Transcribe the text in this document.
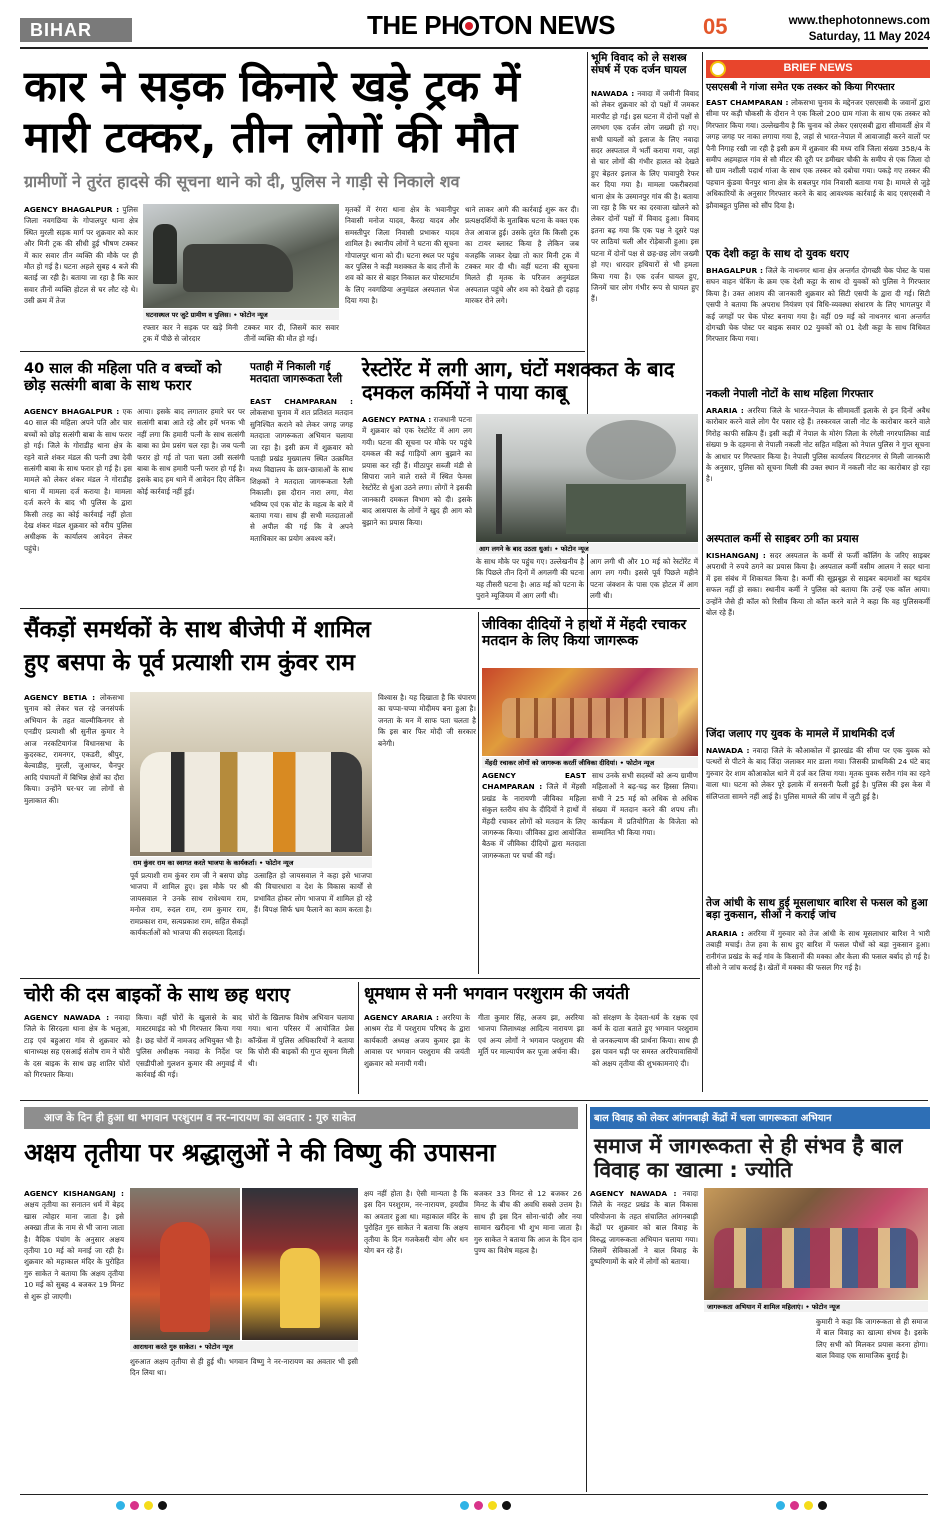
BIHAR	THE PH TON NEWS	05	www.thephotonnews.com
Saturday, 11 May 2024
कार ने सड़क किनारे खड़े ट्रक में
मारी टक्कर, तीन लोगों की मौत
ग्रामीणों ने तुरंत हादसे की सूचना थाने को दी, पुलिस ने गाड़ी से निकाले शव
AGENCY BHAGALPUR : पुलिस जिला नवगछिया के गोपालपुर थाना क्षेत्र स्थित मुरली सड़क मार्ग पर शुक्रवार को कार और मिनी ट्रक की सीधी हुई भीषण टक्कर में कार सवार तीन व्यक्ति की मौके पर ही मौत हो गई है। घटना अहले सुबह 4 बजे की बताई जा रही है। बताया जा रहा है कि कार सवार तीनों व्यक्ति होटल से घर लौट रहे थे। उसी क्रम में तेज
घटनास्थल पर जुटे ग्रामीण व पुलिस। • फोटोन न्यूज
रफ्तार कार ने सड़क पर खड़े मिनी ट्रक में पीछे से जोरदार
टक्कर मार दी, जिसमें कार सवार तीनों व्यक्ति की मौत हो गई।
मृतकों में रंगरा थाना क्षेत्र के भवानीपुर निवासी मनोज यादव, कैरदा यादव और समस्तीपुर जिला निवासी प्रभाकर यादव शामिल है। स्थानीय लोगों ने घटना की सूचना गोपालपुर थाना को दी। घटना स्थल पर पहुंच कर पुलिस ने कड़ी मशक्कत के बाद तीनों के शव को कार से बाहर निकाल कर पोस्टमार्टम के लिए नवगछिया अनुमंडल अस्पताल भेज दिया गया है।
थाने लाकर आगे की कार्रवाई शुरू कर दी। प्रत्यक्षदर्शियों के मुताबिक घटना के वक्त एक तेज आवाज हुई। उसके तुरंत कि किसी ट्रक का टायर ब्लास्ट किया है लेकिन जब वजहकि जाकर देखा तो कार मिनी ट्रक में टक्कर मार दी थी। वहीं घटना की सूचना मिलते ही मृतक के परिजन अनुमंडल अस्पताल पहुंचे और शव को देखते ही दहाड़ मारकर रोने लगे।
भूमि विवाद को ले सशस्त्र संघर्ष में एक दर्जन घायल
NAWADA : नवादा में जमीनी विवाद को लेकर शुक्रवार को दो पक्षों में जमकर मारपीट हो गई। इस घटना में दोनों पक्षों से लगभग एक दर्जन लोग जख्मी हो गए। सभी घायलों को इलाज के लिए नवादा सदर अस्पताल में भर्ती कराया गया, जहां से चार लोगों की गंभीर हालत को देखते हुए बेहतर इलाज के लिए पावापुरी रेफर कर दिया गया है। मामला पकरीबरावां थाना क्षेत्र के उस्मानपुर गांव की है। बताया जा रहा है कि घर का दरवाजा खोलने को लेकर दोनों पक्षों में विवाद हुआ। विवाद इतना बढ़ गया कि एक पक्ष ने दूसरे पक्ष पर लाठियां चली और रोड़ेबाजी हुआ। इस घटना में दोनों पक्ष से छह-छह लोग जख्मी हो गए। धारदार हथियारों से भी हमला किया गया है। एक दर्जन घायल हुए, जिनमें चार लोग गंभीर रूप से घायल हुए हैं।
BRIEF NEWS
एसएसबी ने गांजा समेत एक तस्कर को किया गिरफ्तार
EAST CHAMPARAN : लोकसभा चुनाव के मद्देनजर एसएसबी के जवानों द्वारा सीमा पर कड़ी चौकसी के दौरान ने एक किलो 200 ग्राम गांजा के साथ एक तस्कर को गिरफ्तार किया गया। उल्लेखनीय है कि चुनाव को लेकर एसएसबी द्वारा सीमावर्ती क्षेत्र में जगह जगह पर नाका लगाया गया है, जहां से भारत-नेपाल में आवाजाही करने वालों पर पैनी निगाह रखी जा रही है इसी क्रम में शुक्रवार की मध्य रात्रि जिला संख्या 358/4 के समीप अहमहाल गांव से सौ मीटर की दूरी पर डमीखर चौकी के समीप से एक जिला दो सौ ग्राम नशीली पदार्थ गांजा के साथ एक तस्कर को दबोचा गया। पकड़े गए तस्कर की पहचान कुंडवा चैनपुर थाना क्षेत्र के सबलपुर गांव निवासी बताया गया है। मामले से जुड़े अधिकारियों के अनुसार गिरफ्तार करने के बाद आवश्यक कार्रवाई के बाद एसएसबी ने झौवाबहुत पुलिस को सौंप दिया है।
एक देशी कट्टा के साथ दो युवक धराए
BHAGALPUR : जिले के नाथनगर थाना क्षेत्र अन्तर्गत दोगच्छी चेक पोस्ट के पास सघन वाहन चेकिंग के क्रम एक देशी कट्टा के साथ दो युवकों को पुलिस ने गिरफ्तार किया है। उक्त आशय की जानकारी शुक्रवार को सिटी एसपी के द्वारा दी गई। सिटी एसपी ने बताया कि अपराध नियंत्रण एवं विधि-व्यवस्था संधारण के लिए भागलपुर में कई जगहों पर चेक पोस्ट बनाया गया है। वहीं 09 मई को नाथनगर थाना अन्तर्गत दोगच्छी चेक पोस्ट पर बाइक सवार 02 युवकों को 01 देशी कट्टा के साथ विधिवत गिरफ्तार किया गया।
नकली नेपाली नोटों के साथ महिला गिरफ्तार
ARARIA : अररिया जिले के भारत-नेपाल के सीमावर्ती इलाके से इन दिनों अवैध कारोबार करने वाले लोग पैर पसार रहे हैं। तस्करवल जाली नोट के कारोबार करने वाले गिरोह काफी सक्रिय हैं। इसी कड़ी में नेपाल के मोरंग जिला के रंगेली नगरपालिका वार्ड संख्या 9 के दहमना से नेपाली नकली नोट सहित महिला को नेपाल पुलिस ने गुप्त सूचना के आधार पर गिरफ्तार किया है। नेपाली पुलिस कार्यालय विराटनगर से मिली जानकारी के अनुसार, पुलिस को सूचना मिली की उक्त स्थान में नकली नोट का कारोबार हो रहा है।
अस्पताल कर्मी से साइबर ठगी का प्रयास
KISHANGANJ : सदर अस्पताल के कर्मी से फर्जी कॉलिंग के जरिए साइबर अपराधी ने रुपये ठगने का प्रयास किया है। अस्पताल कर्मी वसीम आलम ने सदर थाना में इस संबंध में शिकायत किया है। कर्मी की सूझबूझ से साइबर बदमाशों का षड़यंत्र सफल नहीं हो सका। स्थानीय कर्मी ने पुलिस को बताया कि उन्हें एक कॉल आया। उन्होंने जैसे ही कॉल को रिसीव किया तो कॉल करने वाले ने कहा कि वह पुलिसकर्मी बोल रहे हैं।
जिंदा जलाए गए युवक के मामले में प्राथमिकी दर्ज
NAWADA : नवादा जिले के कौआकोल में झारखंड की सीमा पर एक युवक को पत्थरों से पीटने के बाद जिंदा जलाकर मार डाला गया। जिसकी प्राथमिकी 24 घंटे बाद गुरुवार देर शाम कौआकोल थाने में दर्ज कर लिया गया। मृतक युवक सरौन गांव का रहने वाला था। घटना को लेकर पूरे इलाके में सनसनी फैली हुई है। पुलिस की इस केस में संलिप्तता सामने नहीं आई है। पुलिस मामले की जांच में जुटी हुई है।
तेज आंधी के साथ हुई मूसलाधार बारिश से फसल को हुआ बड़ा नुकसान, सीओ ने कराई जांच
ARARIA : अररिया में गुरुवार को तेज आंधी के साथ मूसलाधार बारिश ने भारी तबाही मचाई। तेज हवा के साथ हुए बारिश में फसल पौधों को बड़ा नुकसान हुआ। रानीगंज प्रखंड के कई गांव के किसानों की मक्का और केला की फसल बर्बाद हो गई है। सीओ ने जांच कराई है। खेतों में मक्का की फसल गिर गई है।
40 साल की महिला पति व बच्चों को छोड़ सत्संगी बाबा के साथ फरार
AGENCY BHAGALPUR : एक 40 साल की महिला अपने पति और चार बच्चों को छोड़ सत्संगी बाबा के साथ फरार हो गई। जिले के गोराडीह थाना क्षेत्र के रहने वाले शंकर मंडल की पत्नी उषा देवी सत्संगी बाबा के साथ फरार हो गई है। इस मामले को लेकर शंकर मंडल ने गोराडीह थाना में मामला दर्ज कराया है। मामला दर्ज करने के बाद भी पुलिस के द्वारा किसी तरह का कोई कार्रवाई नहीं होता देख शंकर मंडल शुक्रवार को वरीय पुलिस अधीक्षक के कार्यालय आवेदन लेकर पहुंचे।
आया। इसके बाद लगातार हमारे घर पर सत्संगी बाबा आते रहे और हमें भनक भी नहीं लगा कि हमारी पत्नी के साथ सत्संगी बाबा का प्रेम प्रसंग चल रहा है। जब पत्नी फरार हो गई तो पता चला उसी सत्संगी बाबा के साथ हमारी पत्नी फरार हो गई है। इसके बाद हम थाने में आवेदन दिए लेकिन कोई कार्रवाई नहीं हुई।
पताही में निकाली गई मतदाता जागरूकता रैली
EAST CHAMPARAN : लोकसभा चुनाव में शत प्रतिशत मतदान सुनिश्चित कराने को लेकर जगह जगह मतदाता जागरूकता अभियान चलाया जा रहा है। इसी क्रम में शुक्रवार को पताही प्रखंड मुख्यालय स्थित उत्क्रमित मध्य विद्यालय के छात्र-छात्राओं के साथ शिक्षकों ने मतदाता जागरूकता रैली निकाली। इस दौरान नारा लगा, मेरा भविष्य एवं एक वोट के महत्व के बारे में बताया गया। साथ ही सभी मतदाताओं से अपील की गई कि वे अपने मताधिकार का प्रयोग अवश्य करें।
रेस्टोरेंट में लगी आग, घंटों मशक्कत के बाद दमकल कर्मियों ने पाया काबू
AGENCY PATNA : राजधानी पटना में शुक्रवार को एक रेस्टोरेंट में आग लग गयी। घटना की सूचना पर मौके पर पहुंचे दमकल की कई गाड़ियों आग बुझाने का प्रयास कर रही हैं। मीठापुर सब्जी मंडी से सिपारा जाने वाले रास्ते में स्थित फेमस रेस्टोरेंट से धुंआ उठने लगा। लोगों ने इसकी जानकारी दमकल विभाग को दी। इसके बाद आसपास के लोगों ने खुद ही आग को बुझाने का प्रयास किया।
आग लगने के बाद उठता धुआं। • फोटोन न्यूज
के साथ मौके पर पहुंच गए। उल्लेखनीय है कि पिछले तीन दिनों में अगलगी की घटना यह तीसरी घटना है। आठ मई को पटना के पुराने म्यूजियम में आग लगी थी।
आग लगी थी और 10 मई को रेस्टोरेंट में आग लग गयी। इससे पूर्व पिछले महीने पटना जंक्शन के पास एक होटल में आग लगी थी।
सैंकड़ों समर्थकों के साथ बीजेपी में शामिल
हुए बसपा के पूर्व प्रत्याशी राम कुंवर राम
AGENCY BETIA : लोकसभा चुनाव को लेकर चल रहे जनसंपर्क अभियान के तहत वाल्मीकिनगर से एनडीए प्रत्याशी श्री सुनील कुमार ने आज नरकटियागंज विधानसभा के कुदरकट, रामनगर, एकडरी, श्रीपुर, बेल्वाडीह, मुरली, जुआफर, चैनपुर आदि पंचायतों में बिभिन्न क्षेत्रों का दौरा किया। उन्होंने घर-घर जा लोगों से मुलाकात की।
राम कुंवर राम का स्वागत करते भाजपा के कार्यकर्ता। • फोटोन न्यूज
पूर्व प्रत्याशी राम कुंवर राम जी ने बसपा छोड़ भाजपा में शामिल हुए। इस मौके पर श्री जायसवाल ने उनके साथ राधेश्याम राम, मनोज राम, रुदल राम, राम कुमार राम, रामप्रकाश राम, सत्यप्रकाश राम, सहित सैकड़ों कार्यकर्ताओं को भाजपा की सदस्यता दिलाई।
उत्साहित हो जायसवाल ने कहा इसे भाजपा की विचारधारा व देश के विकास कार्यों से प्रभावित होकर लोग भाजपा में शामिल हो रहे हैं। विपक्ष सिर्फ भ्रम फैलाने का काम करता है।
विश्वास है। यह दिखाता है कि चंपारण का चप्पा-चप्पा मोदीमय बना हुआ है। जनता के मन में साफ पता चलता है कि इस बार फिर मोदी जी सरकार बनेगी।
जीविका दीदियों ने हाथों में मेंहदी रचाकर मतदान के लिए किया जागरूक
मेंहदी रचाकर लोगों को जागरूक करतीं जीविका दीदियां। • फोटोन न्यूज
AGENCY EAST CHAMPARAN : जिले में मेंहसी प्रखंड के नारायणी जीविका महिला संकुल स्तरीय संघ के दीदियों ने हाथों में मेंहदी रचाकर लोगों को मतदान के लिए जागरूक किया। जीविका द्वारा आयोजित बैठक में जीविका दीदियों द्वारा मतदाता जागरूकता पर चर्चा की गई।
साथ उनके सभी सदस्यों को अन्य ग्रामीण महिलाओं ने बढ़-चढ़ कर हिस्सा लिया। सभी ने 25 मई को अधिक से अधिक संख्या में मतदान करने की शपथ ली। कार्यक्रम में प्रतियोगिता के विजेता को सम्मानित भी किया गया।
चोरी की दस बाइकों के साथ छह धराए
AGENCY NAWADA : नवादा जिले के सिरदला थाना क्षेत्र के भलुआ, टाड़ एवं बहुआरा गांव से शुक्रवार को थानाध्यक्ष सह एसआई संतोष राम ने चोरी के दस बाइक के साथ छह शातिर चोरों को गिरफ्तार किया।
किया। वहीं चोरों के खुलासे के बाद मास्टरमाइंड को भी गिरफ्तार किया गया है। छह चोरों में नामजद अभियुक्त भी है। पुलिस अधीक्षक नवादा के निर्देश पर एसडीपीओ गुलशन कुमार की अगुवाई में कार्रवाई की गई।
चोरों के खिलाफ विशेष अभियान चलाया गया। थाना परिसर में आयोजित प्रेस कॉन्फ्रेंस में पुलिस अधिकारियों ने बताया कि चोरी की बाइकों की गुप्त सूचना मिली थी।
धूमधाम से मनी भगवान परशुराम की जयंती
AGENCY ARARIA : अररिया के आश्रम रोड में परशुराम परिषद के द्वारा कार्यकारी अध्यक्ष अजय कुमार झा के आवास पर भगवान परशुराम की जयंती शुक्रवार को मनायी गयी।
गीता कुमार सिंह, अजय झा, अररिया भाजपा जिलाध्यक्ष आदित्य नारायण झा एवं अन्य लोगों ने भगवान परशुराम की मूर्ति पर माल्यार्पण कर पूजा अर्चना की।
को संरक्षण के देवता-धर्म के रक्षक एवं कर्म के दाता बताते हुए भगवान परशुराम से जनकल्याण की प्रार्थना किया। साथ ही इस पावन घड़ी पर समस्त अररियावासियों को अक्षय तृतीया की शुभकामनाएं दी।
आज के दिन ही हुआ था भगवान परशुराम व नर-नारायण का अवतार : गुरु साकेत
अक्षय तृतीया पर श्रद्धालुओं ने की विष्णु की उपासना
AGENCY KISHANGANJ : अक्षय तृतीया का सनातन धर्म में बेहद खास त्योहार माना जाता है। इसे अक्खा तीज के नाम से भी जाना जाता है। वैदिक पंचांग के अनुसार अक्षय तृतीया 10 मई को मनाई जा रही है। शुक्रवार को महाकाल मंदिर के पुरोहित गुरु साकेत ने बताया कि अक्षय तृतीया 10 मई को सुबह 4 बजकर 19 मिनट से शुरू हो जाएगी।
आराधना करते गुरु साकेत। • फोटोन न्यूज
शुरुआत अक्षय तृतीया से ही हुई थी। भगवान विष्णु ने नर-नारायण का अवतार भी इसी दिन लिया था।
क्षय नहीं होता है। ऐसी मान्यता है कि इस दिन परशुराम, नर-नारायण, हयग्रीव का अवतार हुआ था। महाकाल मंदिर के पुरोहित गुरु साकेत ने बताया कि अक्षय तृतीया के दिन गजकेसरी योग और धन योग बन रहे हैं।
बजकर 33 मिनट से 12 बजकर 26 मिनट के बीच की अवधि सबसे उत्तम है। साथ ही इस दिन सोना-चांदी और नया सामान खरीदना भी शुभ माना जाता है। गुरु साकेत ने बताया कि आज के दिन दान पुण्य का विशेष महत्व है।
बाल विवाह को लेकर आंगनबाड़ी केंद्रों में चला जागरूकता अभियान
समाज में जागरूकता से ही संभव है बाल विवाह का खात्मा : ज्योति
AGENCY NAWADA : नवादा जिले के नरहट प्रखंड के बाल विकास परियोजना के तहत संचालित आंगनबाड़ी केंद्रों पर शुक्रवार को बाल विवाह के विरुद्ध जागरूकता अभियान चलाया गया। जिसमें सेविकाओं ने बाल विवाह के दुष्परिणामों के बारे में लोगों को बताया।
जागरूकता अभियान में शामिल महिलाएं। • फोटोन न्यूज
कुमारी ने कहा कि जागरूकता से ही समाज में बाल विवाह का खात्मा संभव है। इसके लिए सभी को मिलकर प्रयास करना होगा। बाल विवाह एक सामाजिक बुराई है।
